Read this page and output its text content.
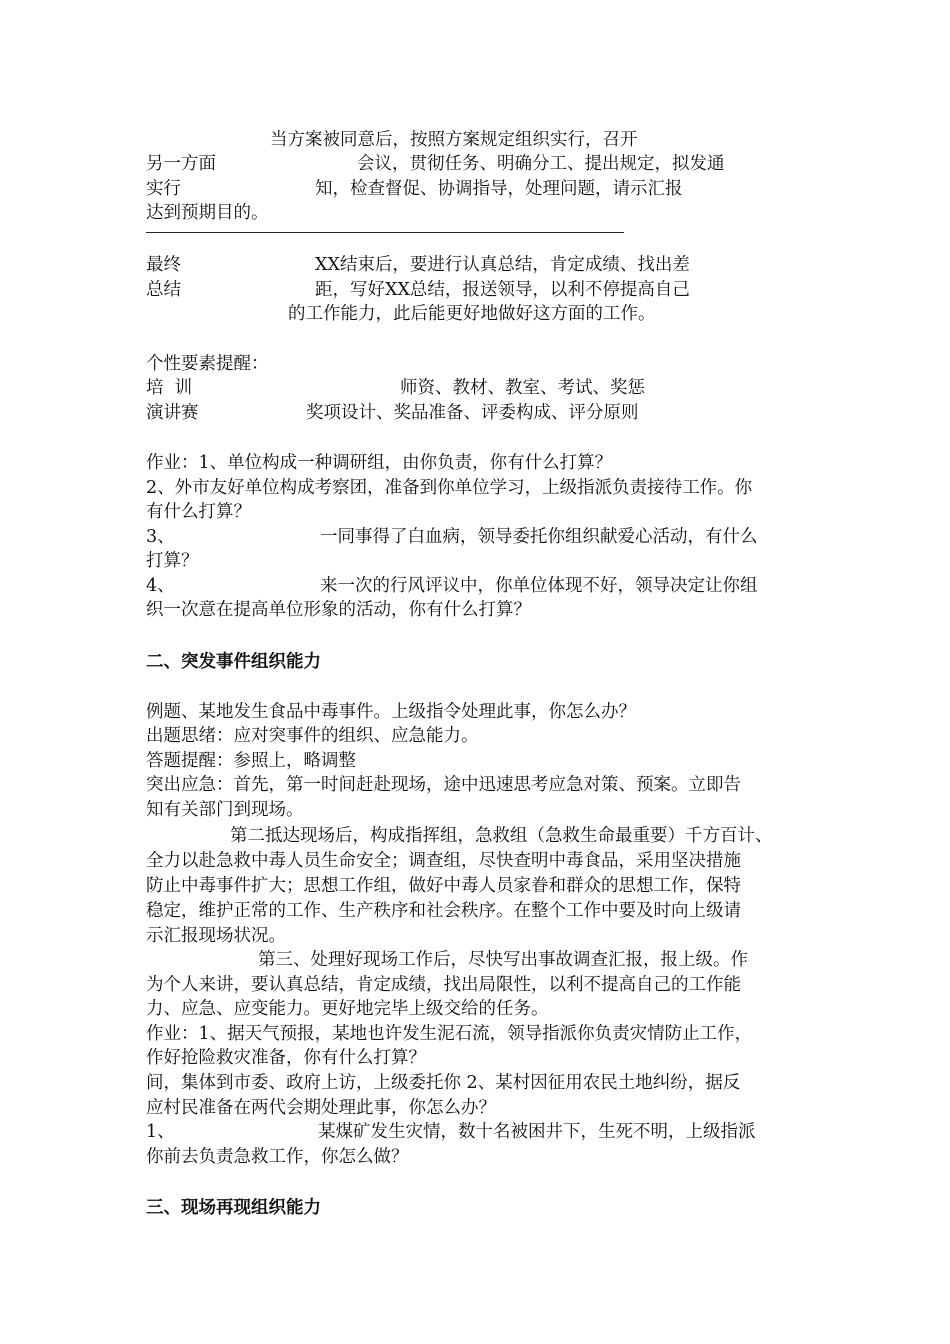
当方案被同意后，按照方案规定组织实行，召开
另一方面	会议，贯彻任务、明确分工、提出规定，拟发通
实行	知，检查督促、协调指导，处理问题，请示汇报
达到预期目的。
最终	XX结束后，要进行认真总结，肯定成绩、找出差
总结	距，写好XX总结，报送领导，以利不停提高自己
的工作能力，此后能更好地做好这方面的工作。
个性要素提醒：
培  训	师资、教材、教室、考试、奖惩
演讲赛	奖项设计、奖品准备、评委构成、评分原则
作业：1、单位构成一种调研组，由你负责，你有什么打算？
2、外市友好单位构成考察团，准备到你单位学习，上级指派负责接待工作。你
有什么打算？
3、	一同事得了白血病，领导委托你组织献爱心活动，有什么
打算？
4、	来一次的行风评议中，你单位体现不好，领导决定让你组
织一次意在提高单位形象的活动，你有什么打算？
二、突发事件组织能力
例题、某地发生食品中毒事件。上级指令处理此事，你怎么办？
出题思绪：应对突事件的组织、应急能力。
答题提醒：参照上，略调整
突出应急：首先，第一时间赶赴现场，途中迅速思考应急对策、预案。立即告
知有关部门到现场。
第二抵达现场后，构成指挥组，急救组（急救生命最重要）千方百计、
全力以赴急救中毒人员生命安全；调查组，尽快查明中毒食品，采用坚决措施
防止中毒事件扩大；思想工作组，做好中毒人员家眷和群众的思想工作，保特
稳定，维护正常的工作、生产秩序和社会秩序。在整个工作中要及时向上级请
示汇报现场状况。
第三、处理好现场工作后，尽快写出事故调查汇报，报上级。作
为个人来讲，要认真总结，肯定成绩，找出局限性，以利不提高自己的工作能
力、应急、应变能力。更好地完毕上级交给的任务。
作业：1、据天气预报，某地也许发生泥石流，领导指派你负责灾情防止工作，
作好抢险救灾准备，你有什么打算？
间，集体到市委、政府上访，上级委托你 2、某村因征用农民土地纠纷，据反
应村民准备在两代会期处理此事，你怎么办？
1、	某煤矿发生灾情，数十名被困井下，生死不明，上级指派
你前去负责急救工作，你怎么做？
三、现场再现组织能力
